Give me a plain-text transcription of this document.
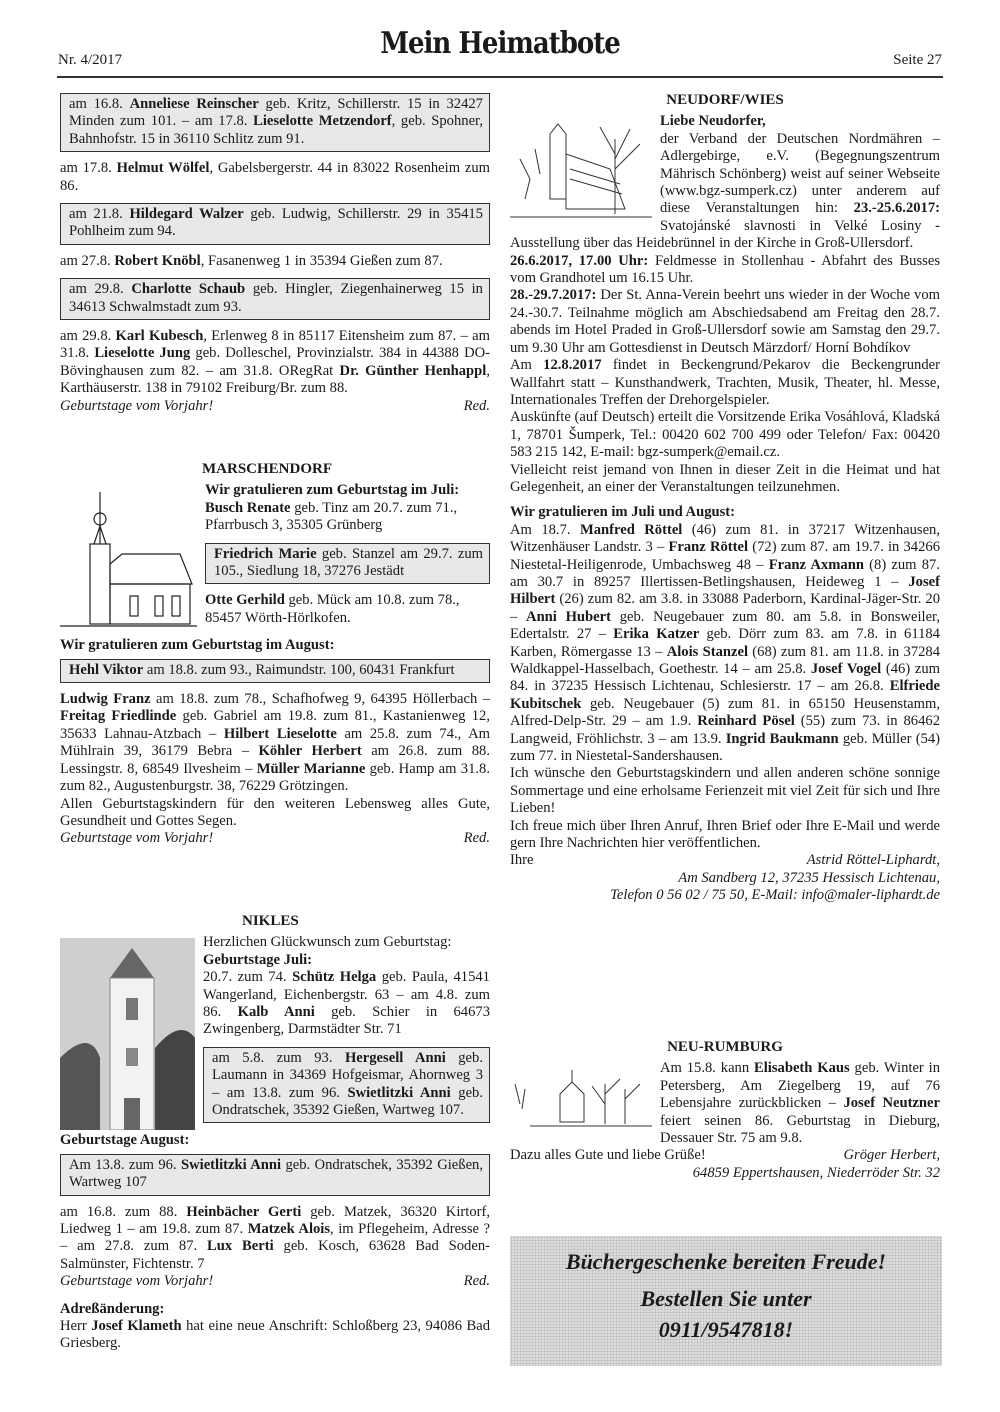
Nr. 4/2017	Mein Heimatbote	Seite 27

am 16.8. Anneliese Reinscher geb. Kritz, Schillerstr. 15 in 32427 Minden zum 101. – am 17.8. Lieselotte Metzendorf, geb. Spohner, Bahnhofstr. 15 in 36110 Schlitz zum 91.

am 17.8. Helmut Wölfel, Gabelsbergerstr. 44 in 83022 Rosenheim zum 86.

am 21.8. Hildegard Walzer geb. Ludwig, Schillerstr. 29 in 35415 Pohlheim zum 94.

am 27.8. Robert Knöbl, Fasanenweg 1 in 35394 Gießen zum 87.

am 29.8. Charlotte Schaub geb. Hingler, Ziegenhainerweg 15 in 34613 Schwalmstadt zum 93.

am 29.8. Karl Kubesch, Erlenweg 8 in 85117 Eitensheim zum 87. – am 31.8. Lieselotte Jung geb. Dolleschel, Provinzialstr. 384 in 44388 DO-Bövinghausen zum 82. – am 31.8. ORegRat Dr. Günther Henhappl, Karthäuserstr. 138 in 79102 Freiburg/Br. zum 88.

Geburtstage vom Vorjahr!	Red.
MARSCHENDORF

Wir gratulieren zum Geburtstag im Juli:

Busch Renate geb. Tinz am 20.7. zum 71., Pfarrbusch 3, 35305 Grünberg

Friedrich Marie geb. Stanzel am 29.7. zum 105., Siedlung 18, 37276 Jestädt

Otte Gerhild geb. Mück am 10.8. zum 78., 85457 Wörth-Hörlkofen.

Wir gratulieren zum Geburtstag im August:

Hehl Viktor am 18.8. zum 93., Raimundstr. 100, 60431 Frankfurt

Ludwig Franz am 18.8. zum 78., Schafhofweg 9, 64395 Höllerbach – Freitag Friedlinde geb. Gabriel am 19.8. zum 81., Kastanienweg 12, 35633 Lahnau-Atzbach – Hilbert Lieselotte am 25.8. zum 74., Am Mühlrain 39, 36179 Bebra – Köhler Herbert am 26.8. zum 88. Lessingstr. 8, 68549 Ilvesheim – Müller Marianne geb. Hamp am 31.8. zum 82., Augustenburgstr. 38, 76229 Grötzingen.

Allen Geburtstagskindern für den weiteren Lebensweg alles Gute, Gesundheit und Gottes Segen.

Geburtstage vom Vorjahr!	Red.
NIKLES

Herzlichen Glückwunsch zum Geburtstag:

Geburtstage Juli:

20.7. zum 74. Schütz Helga geb. Paula, 41541 Wangerland, Eichenbergstr. 63 – am 4.8. zum 86. Kalb Anni geb. Schier in 64673 Zwingenberg, Darmstädter Str. 71

am 5.8. zum 93. Hergesell Anni geb. Laumann in 34369 Hofgeismar, Ahornweg 3 – am 13.8. zum 96. Swietlitzki Anni geb. Ondratschek, 35392 Gießen, Wartweg 107.

Geburtstage August:

Am 13.8. zum 96. Swietlitzki Anni geb. Ondratschek, 35392 Gießen, Wartweg 107

am 16.8. zum 88. Heinbächer Gerti geb. Matzek, 36320 Kirtorf, Liedweg 1 – am 19.8. zum 87. Matzek Alois, im Pflegeheim, Adresse ? – am 27.8. zum 87. Lux Berti geb. Kosch, 63628 Bad Soden-Salmünster, Fichtenstr. 7

Geburtstage vom Vorjahr!	Red.

Adreßänderung:

Herr Josef Klameth hat eine neue Anschrift: Schloßberg 23, 94086 Bad Griesberg.

NEUDORF/WIES

Liebe Neudorfer,

der Verband der Deutschen Nordmähren – Adlergebirge, e.V. (Begegnungszentrum Mährisch Schönberg) weist auf seiner Webseite (www.bgz-sumperk.cz) unter anderem auf diese Veranstaltungen hin: 23.-25.6.2017: Svatojánské slavnosti in Velké Losiny - Ausstellung über das Heidebrünnel in der Kirche in Groß-Ullersdorf.

26.6.2017, 17.00 Uhr: Feldmesse in Stollenhau - Abfahrt des Busses vom Grandhotel um 16.15 Uhr.

28.-29.7.2017: Der St. Anna-Verein beehrt uns wieder in der Woche vom 24.-30.7. Teilnahme möglich am Abschiedsabend am Freitag den 28.7. abends im Hotel Praded in Groß-Ullersdorf sowie am Samstag den 29.7. um 9.30 Uhr am Gottesdienst in Deutsch Märzdorf/ Horní Bohdíkov

Am 12.8.2017 findet in Beckengrund/Pekarov die Beckengrunder Wallfahrt statt – Kunsthandwerk, Trachten, Musik, Theater, hl. Messe, Internationales Treffen der Drehorgelspieler.

Auskünfte (auf Deutsch) erteilt die Vorsitzende Erika Vosáhlová, Kladská 1, 78701 Šumperk, Tel.: 00420 602 700 499 oder Telefon/ Fax: 00420 583 215 142, E-mail: bgz-sumperk@email.cz.

Vielleicht reist jemand von Ihnen in dieser Zeit in die Heimat und hat Gelegenheit, an einer der Veranstaltungen teilzunehmen.

Wir gratulieren im Juli und August:

Am 18.7. Manfred Röttel (46) zum 81. in 37217 Witzenhausen, Witzenhäuser Landstr. 3 – Franz Röttel (72) zum 87. am 19.7. in 34266 Niestetal-Heiligenrode, Umbachsweg 48 – Franz Axmann (8) zum 87. am 30.7 in 89257 Illertissen-Betlingshausen, Heideweg 1 – Josef Hilbert (26) zum 82. am 3.8. in 33088 Paderborn, Kardinal-Jäger-Str. 20 – Anni Hubert geb. Neugebauer zum 80. am 5.8. in Bonsweiler, Edertalstr. 27 – Erika Katzer geb. Dörr zum 83. am 7.8. in 61184 Karben, Römergasse 13 – Alois Stanzel (68) zum 81. am 11.8. in 37284 Waldkappel-Hasselbach, Goethestr. 14 – am 25.8. Josef Vogel (46) zum 84. in 37235 Hessisch Lichtenau, Schlesierstr. 17 – am 26.8. Elfriede Kubitschek geb. Neugebauer (5) zum 81. in 65150 Heusenstamm, Alfred-Delp-Str. 29 – am 1.9. Reinhard Pösel (55) zum 73. in 86462 Langweid, Fröhlichstr. 3 – am 13.9. Ingrid Baukmann geb. Müller (54) zum 77. in Niestetal-Sandershausen.

Ich wünsche den Geburtstagskindern und allen anderen schöne sonnige Sommertage und eine erholsame Ferienzeit mit viel Zeit für sich und Ihre Lieben!

Ich freue mich über Ihren Anruf, Ihren Brief oder Ihre E-Mail und werde gern Ihre Nachrichten hier veröffentlichen.

Ihre	Astrid Röttel-Liphardt,

Am Sandberg 12, 37235 Hessisch Lichtenau,

Telefon 0 56 02 / 75 50, E-Mail: info@maler-liphardt.de

NEU-RUMBURG

Am 15.8. kann Elisabeth Kaus geb. Winter in Petersberg, Am Ziegelberg 19, auf 76 Lebensjahre zurückblicken – Josef Neutzner feiert seinen 86. Geburtstag in Dieburg, Dessauer Str. 75 am 9.8.

Dazu alles Gute und liebe Grüße!	Gröger Herbert,

64859 Eppertshausen, Niederröder Str. 32

Büchergeschenke bereiten Freude!
Bestellen Sie unter
0911/9547818!
